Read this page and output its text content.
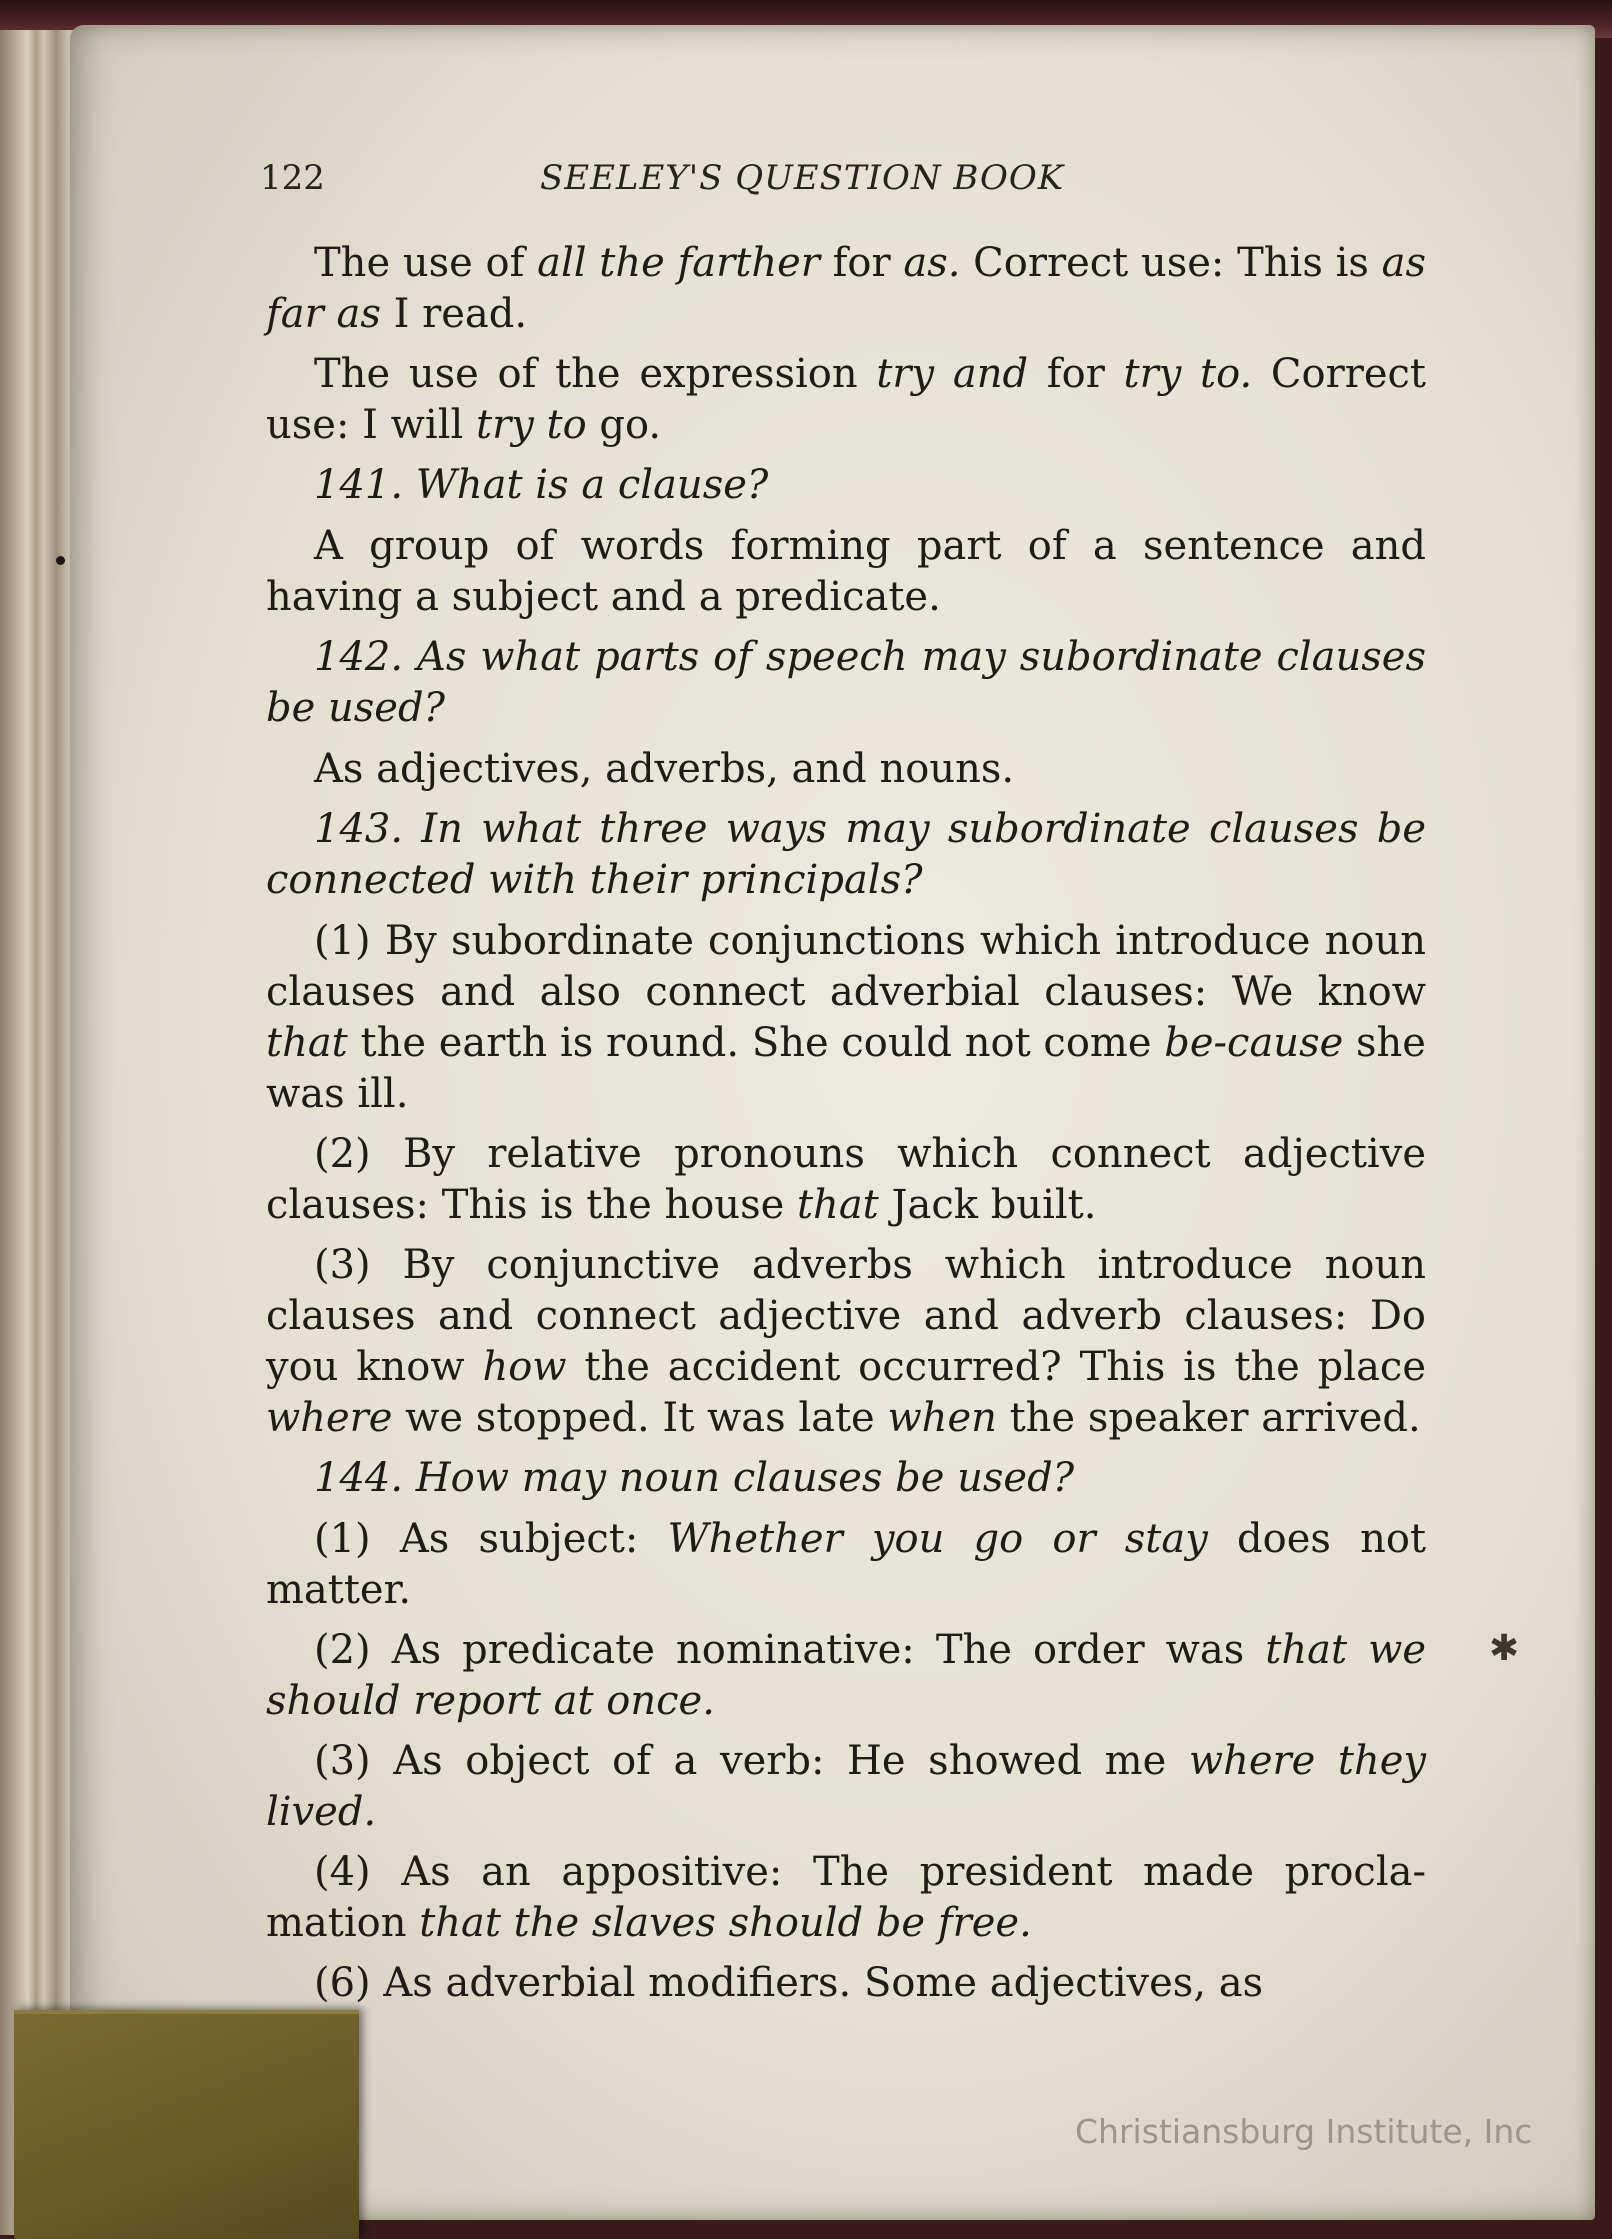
✱
122	SEELEY'S QUESTION BOOK

The use of all the farther for as. Correct use: This is as far as I read.

The use of the expression try and for try to. Correct use: I will try to go.

141. What is a clause?

A group of words forming part of a sentence and having a subject and a predicate.

142. As what parts of speech may subordinate clauses be used?

As adjectives, adverbs, and nouns.

143. In what three ways may subordinate clauses be connected with their principals?

(1) By subordinate conjunctions which introduce noun clauses and also connect adverbial clauses: We know that the earth is round. She could not come be-cause she was ill.

(2) By relative pronouns which connect adjective clauses: This is the house that Jack built.

(3) By conjunctive adverbs which introduce noun clauses and connect adjective and adverb clauses: Do you know how the accident occurred? This is the place where we stopped. It was late when the speaker arrived.

144. How may noun clauses be used?

(1) As subject: Whether you go or stay does not matter.

(2) As predicate nominative: The order was that we should report at once.

(3) As object of a verb: He showed me where they lived.

(4) As an appositive: The president made procla-mation that the slaves should be free.

(6) As adverbial modifiers. Some adjectives, as

Christiansburg Institute, Inc
